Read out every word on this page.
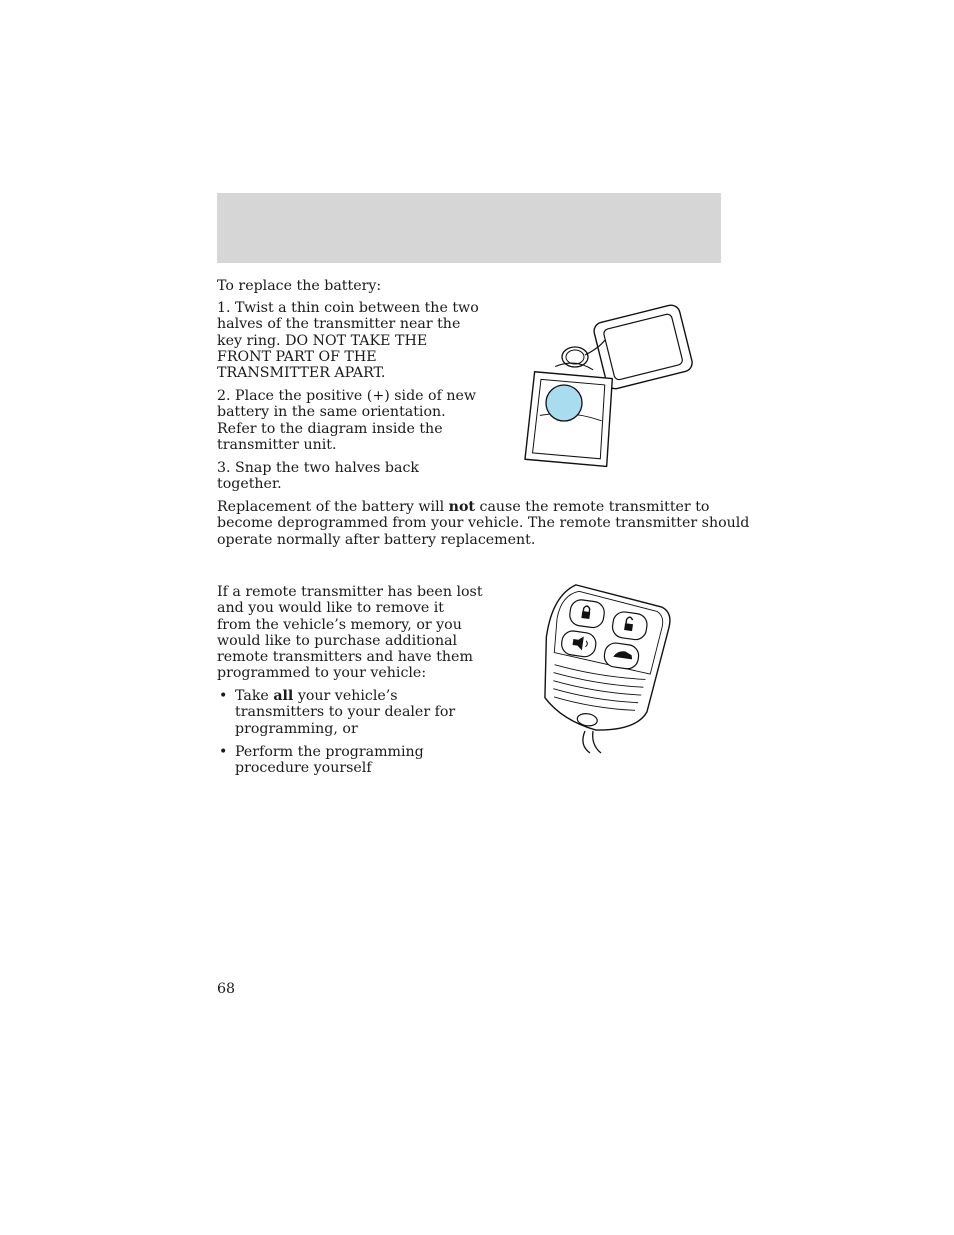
To replace the battery:

1. Twist a thin coin between the two
halves of the transmitter near the
key ring. DO NOT TAKE THE
FRONT PART OF THE
TRANSMITTER APART.
2. Place the positive (+) side of new
battery in the same orientation.
Refer to the diagram inside the
transmitter unit.
3. Snap the two halves back
together.
Replacement of the battery will not cause the remote transmitter to
become deprogrammed from your vehicle. The remote transmitter should
operate normally after battery replacement.
If a remote transmitter has been lost
and you would like to remove it
from the vehicle’s memory, or you
would like to purchase additional
remote transmitters and have them
programmed to your vehicle:
• Take all your vehicle’s
transmitters to your dealer for
programming, or
• Perform the programming
procedure yourself
68
